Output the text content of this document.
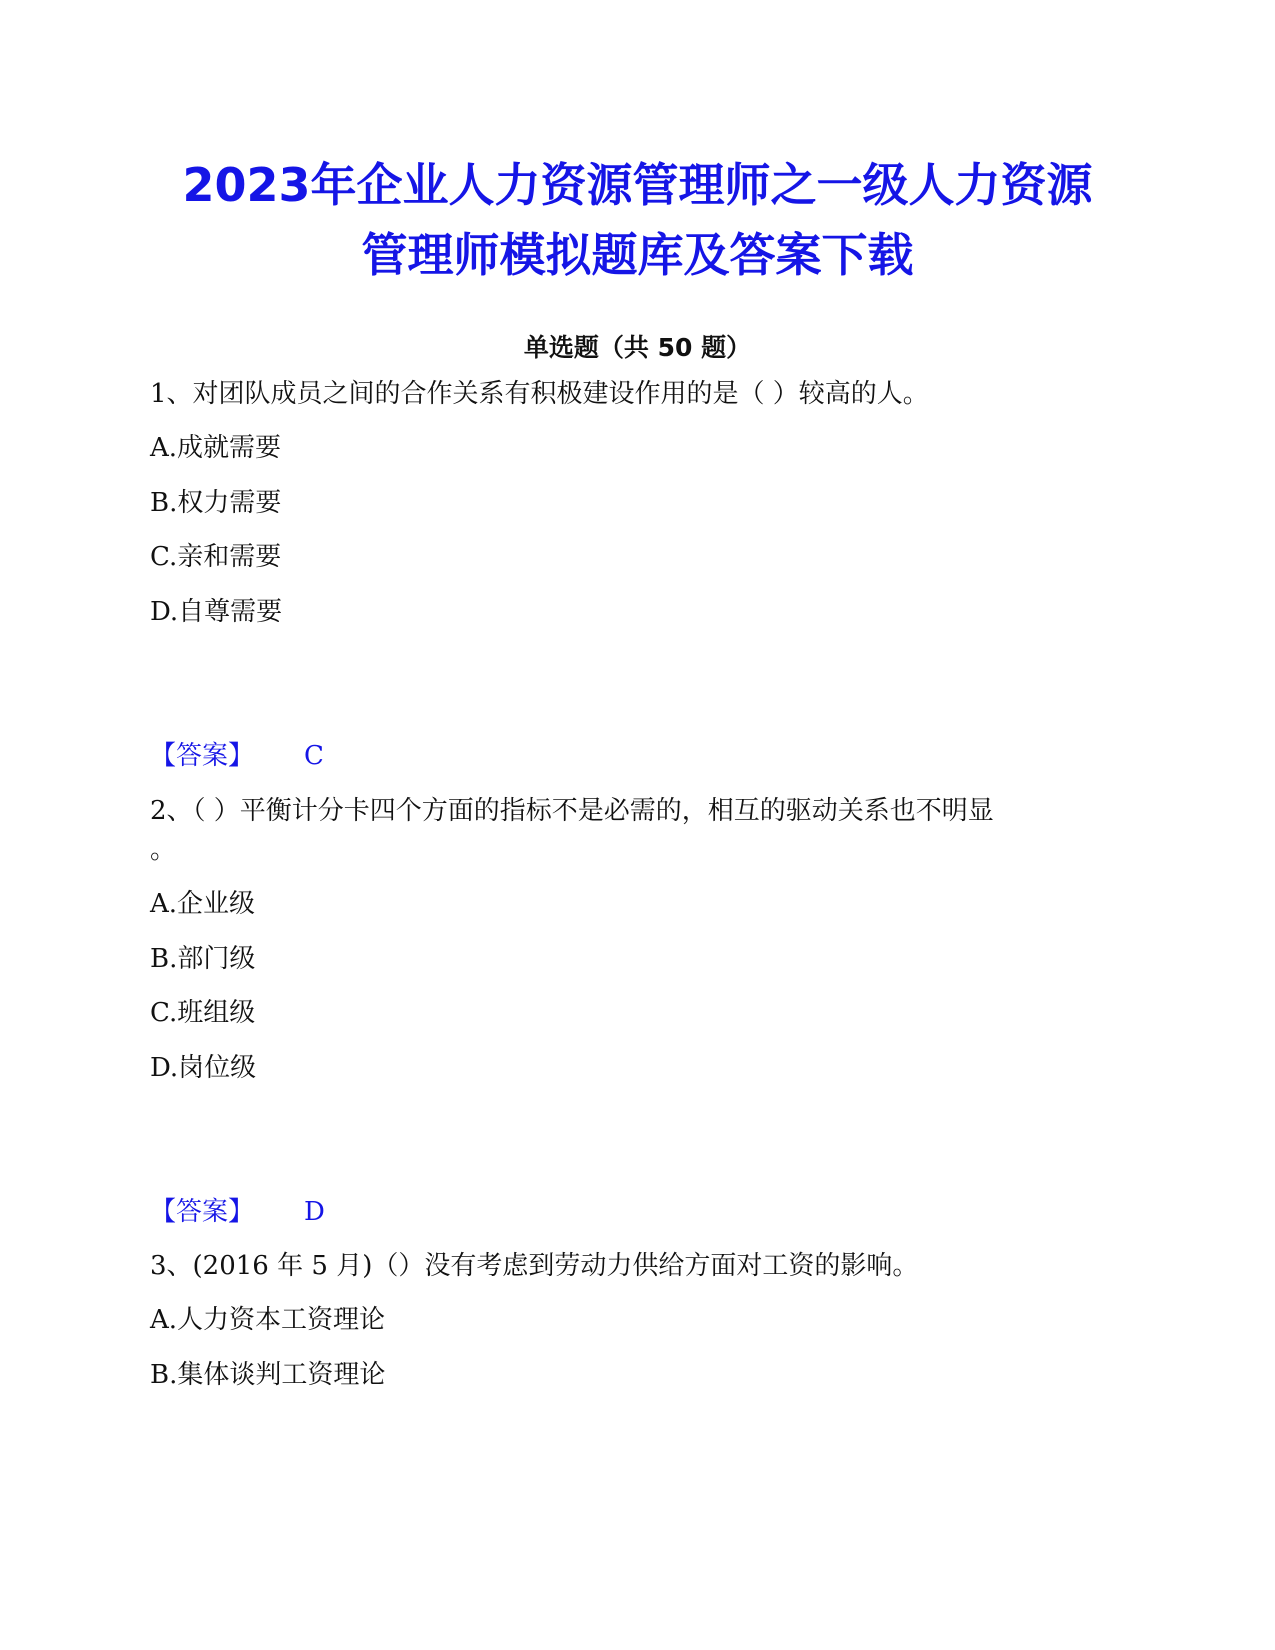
2023年企业人力资源管理师之一级人力资源
管理师模拟题库及答案下载
单选题（共 50 题）
1、对团队成员之间的合作关系有积极建设作用的是（ ）较高的人。
A.成就需要
B.权力需要
C.亲和需要
D.自尊需要
【答案】 C
2、（ ）平衡计分卡四个方面的指标不是必需的，相互的驱动关系也不明显
。
A.企业级
B.部门级
C.班组级
D.岗位级
【答案】 D
3、(2016 年 5 月)（）没有考虑到劳动力供给方面对工资的影响。
A.人力资本工资理论
B.集体谈判工资理论
